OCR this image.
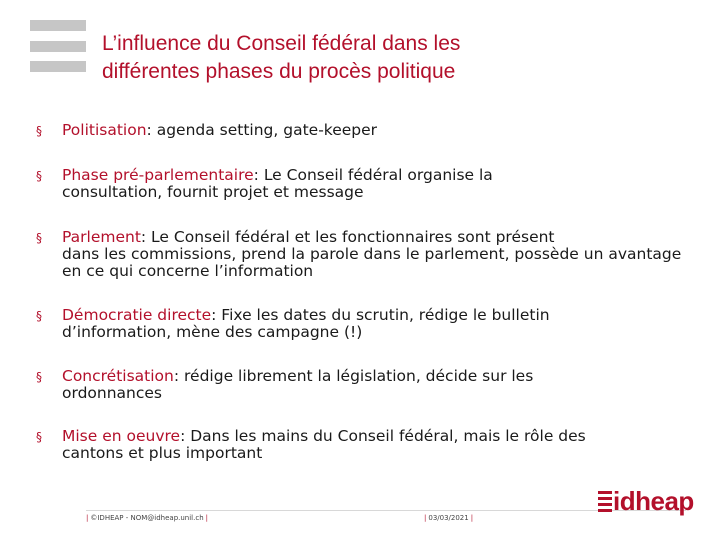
L’influence du Conseil fédéral dans les
différentes phases du procès politique
§ Politisation: agenda setting, gate-keeper
§ Phase pré-parlementaire: Le Conseil fédéral organise la
consultation, fournit projet et message
§ Parlement: Le Conseil fédéral et les fonctionnaires sont présent
dans les commissions, prend la parole dans le parlement, possède un avantage en ce qui concerne l’information
§ Démocratie directe: Fixe les dates du scrutin, rédige le bulletin
d’information, mène des campagne (!)
§ Concrétisation: rédige librement la législation, décide sur les
ordonnances
§ Mise en oeuvre: Dans les mains du Conseil fédéral, mais le rôle des
cantons et plus important
| ©IDHEAP - NOM@idheap.unil.ch |	| 03/03/2021 |
idheap
